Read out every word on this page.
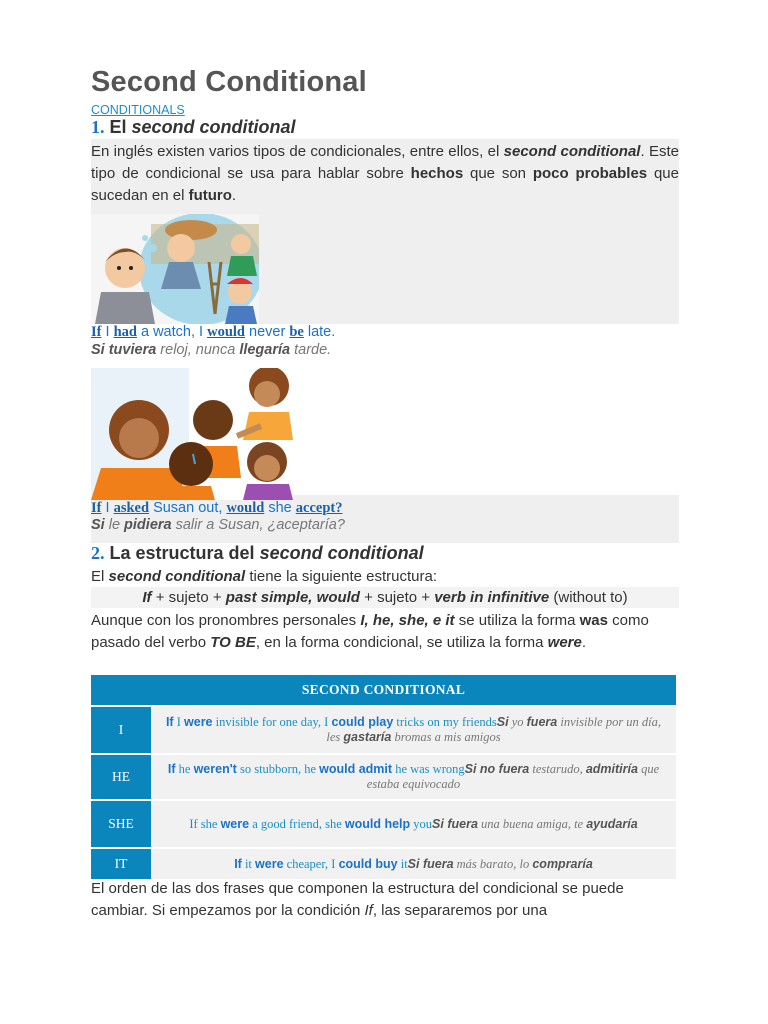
Second Conditional
CONDITIONALS
1. El second conditional
En inglés existen varios tipos de condicionales, entre ellos, el second conditional. Este tipo de condicional se usa para hablar sobre hechos que son poco probables que sucedan en el futuro.
If I had a watch, I would never be late.
Si tuviera reloj, nunca llegaría tarde.
If I asked Susan out, would she accept?
Si le pidiera salir a Susan, ¿aceptaría?
2. La estructura del second conditional
El second conditional tiene la siguiente estructura:
If + sujeto + past simple, would + sujeto + verb in infinitive (without to)
Aunque con los pronombres personales I, he, she, e it se utiliza la forma was como pasado del verbo TO BE, en la forma condicional, se utiliza la forma were.
SECOND CONDITIONAL	
I	If I were invisible for one day, I could play tricks on my friendsSi yo fuera invisible por un día, les gastaría bromas a mis amigos
HE	If he weren't so stubborn, he would admit he was wrongSi no fuera testarudo, admitiría que estaba equivocado
SHE	If she were a good friend, she would help youSi fuera una buena amiga, te ayudaría
IT	If it were cheaper, I could buy itSi fuera más barato, lo compraría
El orden de las dos frases que componen la estructura del condicional se puede cambiar. Si empezamos por la condición If, las separaremos por una
